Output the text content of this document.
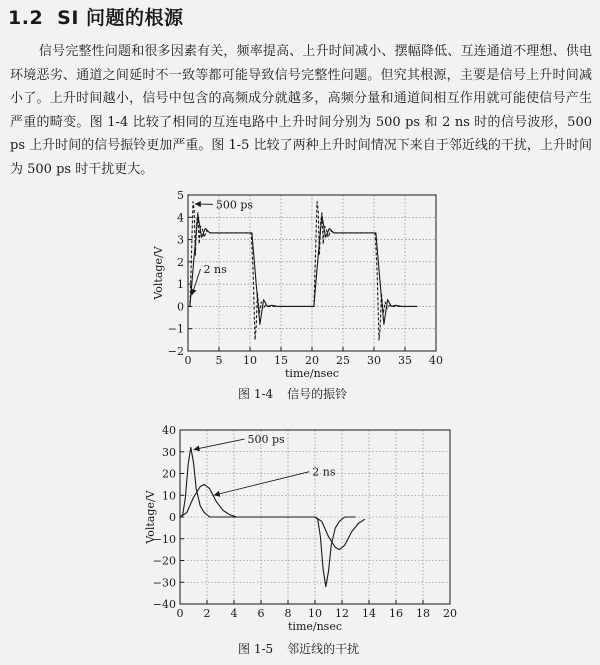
1.2 SI 问题的根源

信号完整性问题和很多因素有关，频率提高、上升时间减小、摆幅降低、互连通道不理想、供电环境恶劣、通道之间延时不一致等都可能导致信号完整性问题。但究其根源，主要是信号上升时间减小了。上升时间越小，信号中包含的高频成分就越多，高频分量和通道间相互作用就可能使信号产生严重的畸变。图 1-4 比较了相同的互连电路中上升时间分别为 500 ps 和 2 ns 时的信号波形，500 ps 上升时间的信号振铃更加严重。图 1-5 比较了两种上升时间情况下来自于邻近线的干扰，上升时间为 500 ps 时干扰更大。

0 5 10 15 20 25 30 35 40
−2
−1
0
1
2
3
4
5
time/nsec
Voltage/V
500 ps
2 ns
图 1-4 信号的振铃
0 2 4 6 8 10 12 14 16 18 20
−40
−30
−20
−10
0
10
20
30
40
time/nsec
Voltage/V
500 ps
2 ns
图 1-5 邻近线的干扰
